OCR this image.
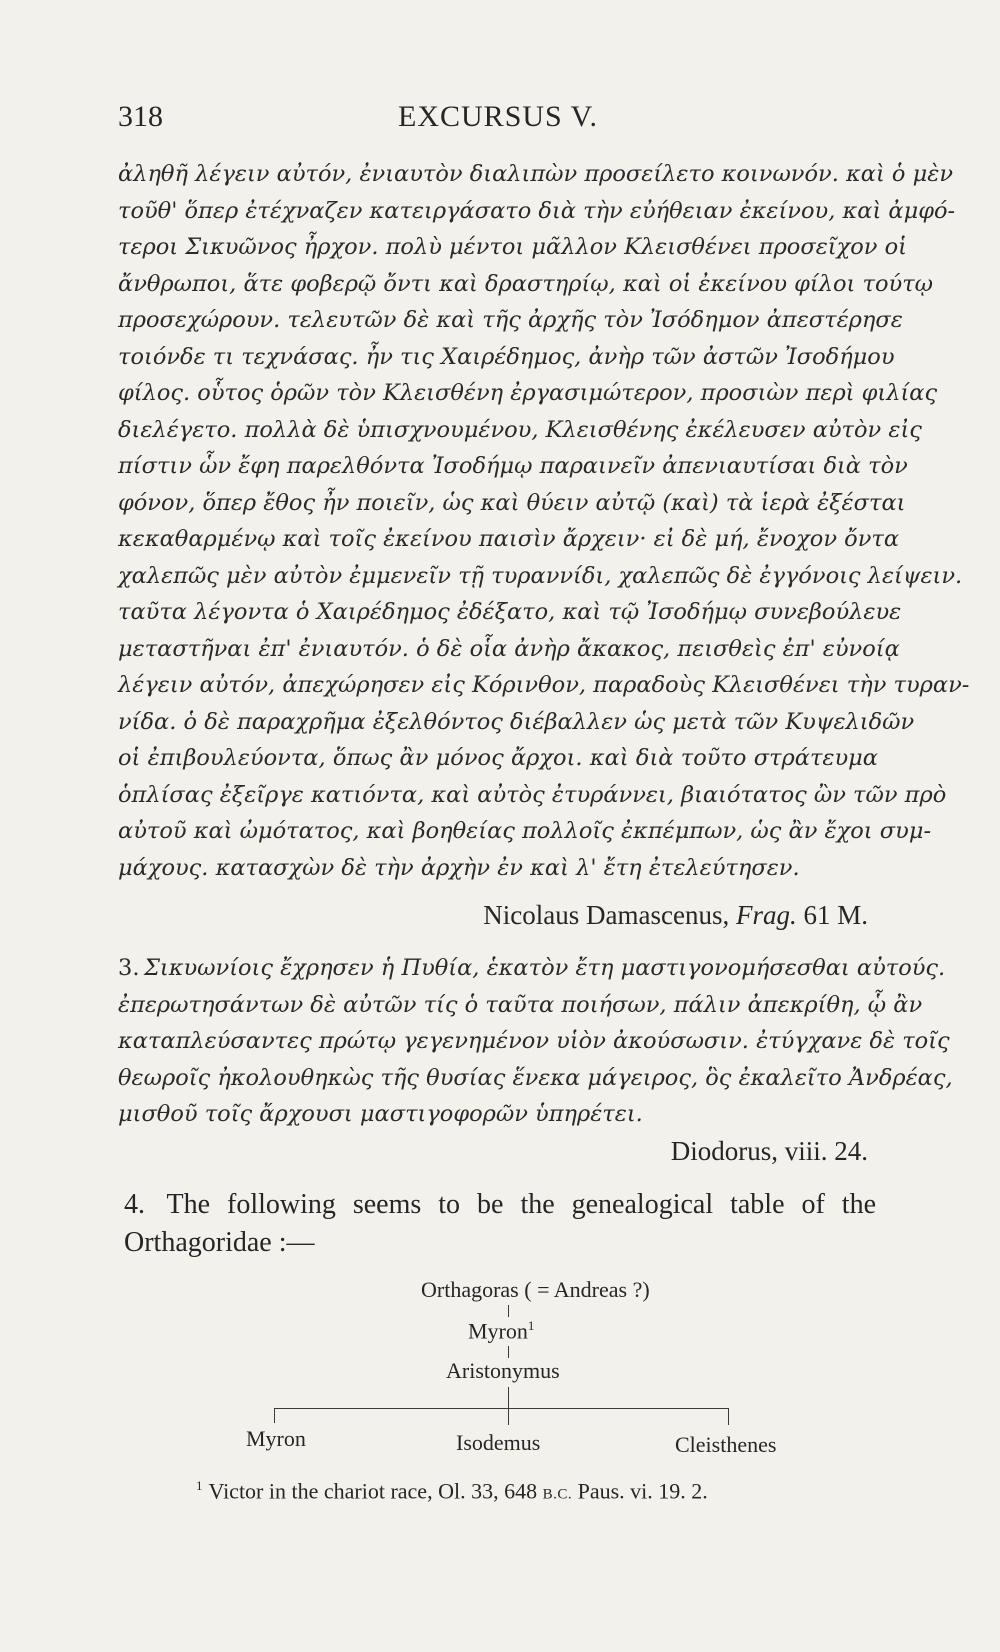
318	EXCURSUS V.
ἀληθῆ λέγειν αὐτόν, ἐνιαυτὸν διαλιπὼν προσείλετο κοινωνόν. καὶ ὁ μὲν
τοῦθ' ὅπερ ἐτέχναζεν κατειργάσατο διὰ τὴν εὐήθειαν ἐκείνου, καὶ ἀμφό-
τεροι Σικυῶνος ἦρχον. πολὺ μέντοι μᾶλλον Κλεισθένει προσεῖχον οἱ
ἄνθρωποι, ἅτε φοβερῷ ὄντι καὶ δραστηρίῳ, καὶ οἱ ἐκείνου φίλοι τούτῳ
προσεχώρουν. τελευτῶν δὲ καὶ τῆς ἀρχῆς τὸν Ἰσόδημον ἀπεστέρησε
τοιόνδε τι τεχνάσας. ἦν τις Χαιρέδημος, ἀνὴρ τῶν ἀστῶν Ἰσοδήμου
φίλος. οὗτος ὁρῶν τὸν Κλεισθένη ἐργασιμώτερον, προσιὼν περὶ φιλίας
διελέγετο. πολλὰ δὲ ὑπισχνουμένου, Κλεισθένης ἐκέλευσεν αὐτὸν εἰς
πίστιν ὧν ἔφη παρελθόντα Ἰσοδήμῳ παραινεῖν ἀπενιαυτίσαι διὰ τὸν
φόνον, ὅπερ ἔθος ἦν ποιεῖν, ὡς καὶ θύειν αὐτῷ (καὶ) τὰ ἱερὰ ἐξέσται
κεκαθαρμένῳ καὶ τοῖς ἐκείνου παισὶν ἄρχειν· εἰ δὲ μή, ἔνοχον ὄντα
χαλεπῶς μὲν αὐτὸν ἐμμενεῖν τῇ τυραννίδι, χαλεπῶς δὲ ἐγγόνοις λείψειν.
ταῦτα λέγοντα ὁ Χαιρέδημος ἐδέξατο, καὶ τῷ Ἰσοδήμῳ συνεβούλευε
μεταστῆναι ἐπ' ἐνιαυτόν. ὁ δὲ οἷα ἀνὴρ ἄκακος, πεισθεὶς ἐπ' εὐνοίᾳ
λέγειν αὐτόν, ἀπεχώρησεν εἰς Κόρινθον, παραδοὺς Κλεισθένει τὴν τυραν-
νίδα. ὁ δὲ παραχρῆμα ἐξελθόντος διέβαλλεν ὡς μετὰ τῶν Κυψελιδῶν
οἱ ἐπιβουλεύοντα, ὅπως ἂν μόνος ἄρχοι. καὶ διὰ τοῦτο στράτευμα
ὁπλίσας ἐξεῖργε κατιόντα, καὶ αὐτὸς ἐτυράννει, βιαιότατος ὢν τῶν πρὸ
αὐτοῦ καὶ ὠμότατος, καὶ βοηθείας πολλοῖς ἐκπέμπων, ὡς ἂν ἔχοι συμ-
μάχους. κατασχὼν δὲ τὴν ἀρχὴν ἐν καὶ λ' ἔτη ἐτελεύτησεν.
Nicolaus Damascenus, Frag. 61 M.
3. Σικυωνίοις ἔχρησεν ἡ Πυθία, ἑκατὸν ἔτη μαστιγονομήσεσθαι αὐτούς.
ἐπερωτησάντων δὲ αὐτῶν τίς ὁ ταῦτα ποιήσων, πάλιν ἀπεκρίθη, ᾧ ἂν
καταπλεύσαντες πρώτῳ γεγενημένον υἱὸν ἀκούσωσιν. ἐτύγχανε δὲ τοῖς
θεωροῖς ἠκολουθηκὼς τῆς θυσίας ἕνεκα μάγειρος, ὃς ἐκαλεῖτο Ἀνδρέας,
μισθοῦ τοῖς ἄρχουσι μαστιγοφορῶν ὑπηρέτει.
Diodorus, viii. 24.
4. The following seems to be the genealogical table of the
Orthagoridae :—
Orthagoras ( = Andreas ?)
Myron$^1$
Aristonymus
Myron	Isodemus	Cleisthenes
$^1$ Victor in the chariot race, Ol. 33, 648 B.C. Paus. vi. 19. 2.
